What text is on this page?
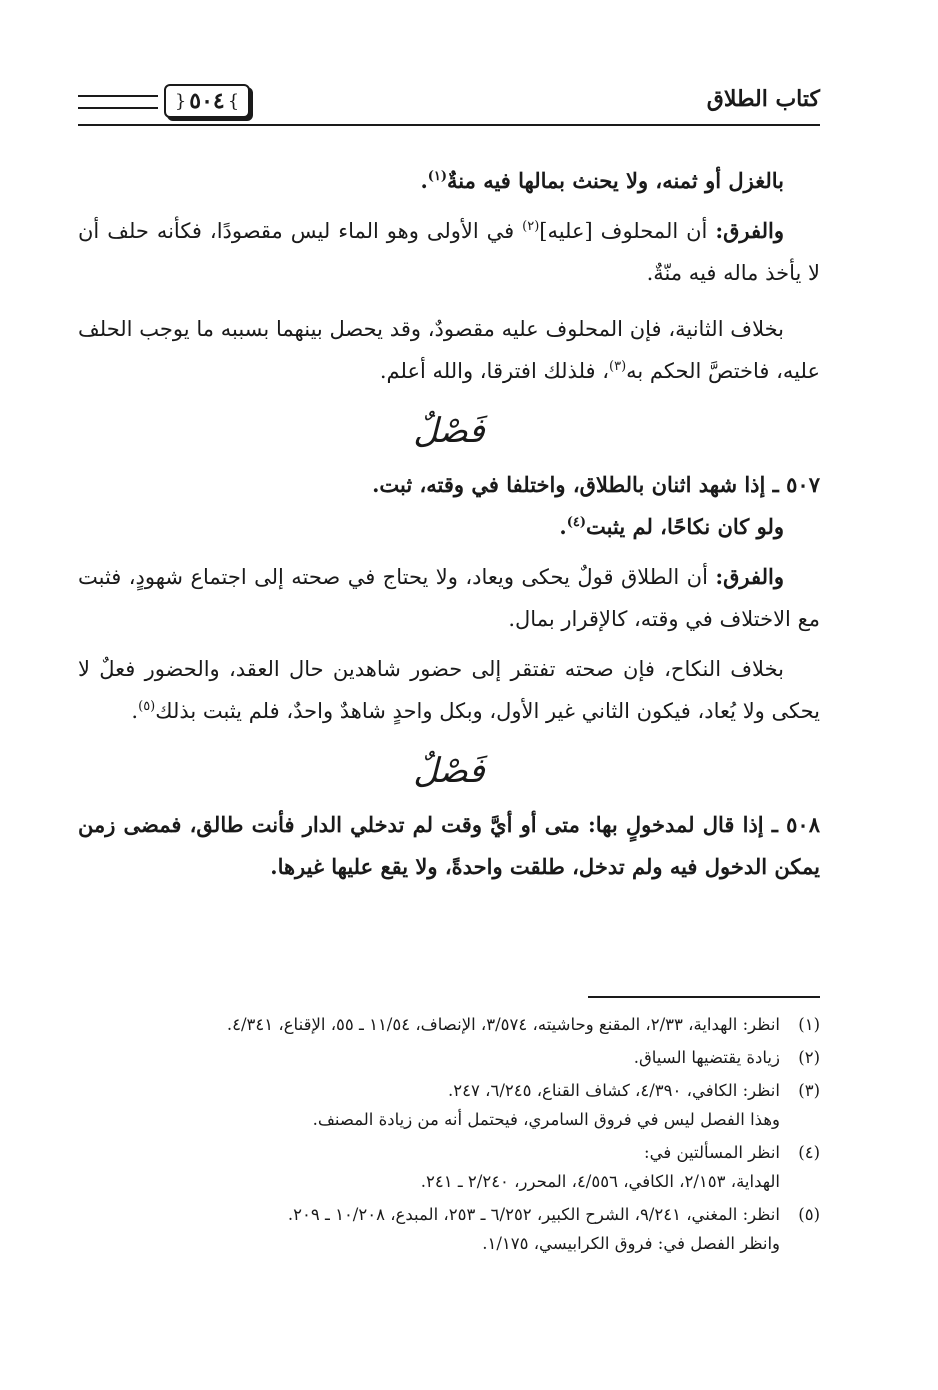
كتاب الطلاق
}
٥٠٤
{

بالغزل أو ثمنه، ولا يحنث بمالها فيه منةٌ$^{(١)}$.

والفرق: أن المحلوف [عليه]$^{(٢)}$ في الأولى وهو الماء ليس مقصودًا، فكأنه حلف أن لا يأخذ ماله فيه منّةٌ.

بخلاف الثانية، فإن المحلوف عليه مقصودٌ، وقد يحصل بينهما بسببه ما يوجب الحلف عليه، فاختصَّ الحكم به$^{(٣)}$، فلذلك افترقا، والله أعلم.

فَصْلٌ

٥٠٧ ـ إذا شهد اثنان بالطلاق، واختلفا في وقته، ثبت.

ولو كان نكاحًا، لم يثبت$^{(٤)}$.

والفرق: أن الطلاق قولٌ يحكى ويعاد، ولا يحتاج في صحته إلى اجتماع شهودٍ، فثبت مع الاختلاف في وقته، كالإقرار بمال.

بخلاف النكاح، فإن صحته تفتقر إلى حضور شاهدين حال العقد، والحضور فعلٌ لا يحكى ولا يُعاد، فيكون الثاني غير الأول، وبكل واحدٍ شاهدٌ واحدٌ، فلم يثبت بذلك$^{(٥)}$.

فَصْلٌ

٥٠٨ ـ إذا قال لمدخولٍ بها: متى أو أيَّ وقت لم تدخلي الدار فأنت طالق، فمضى زمن يمكن الدخول فيه ولم تدخل، طلقت واحدةً، ولا يقع عليها غيرها.

(١)
انظر: الهداية، ٢/٣٣، المقنع وحاشيته، ٣/٥٧٤، الإنصاف، ١١/٥٤ ـ ٥٥، الإقناع، ٤/٣٤١.
(٢)
زيادة يقتضيها السياق.
(٣)
انظر: الكافي، ٤/٣٩٠، كشاف القناع، ٦/٢٤٥، ٢٤٧.
وهذا الفصل ليس في فروق السامري، فيحتمل أنه من زيادة المصنف.
(٤)
انظر المسألتين في:
الهداية، ٢/١٥٣، الكافي، ٤/٥٥٦، المحرر، ٢/٢٤٠ ـ ٢٤١.
(٥)
انظر: المغني، ٩/٢٤١، الشرح الكبير، ٦/٢٥٢ ـ ٢٥٣، المبدع، ١٠/٢٠٨ ـ ٢٠٩.
وانظر الفصل في: فروق الكرابيسي، ١/١٧٥.
